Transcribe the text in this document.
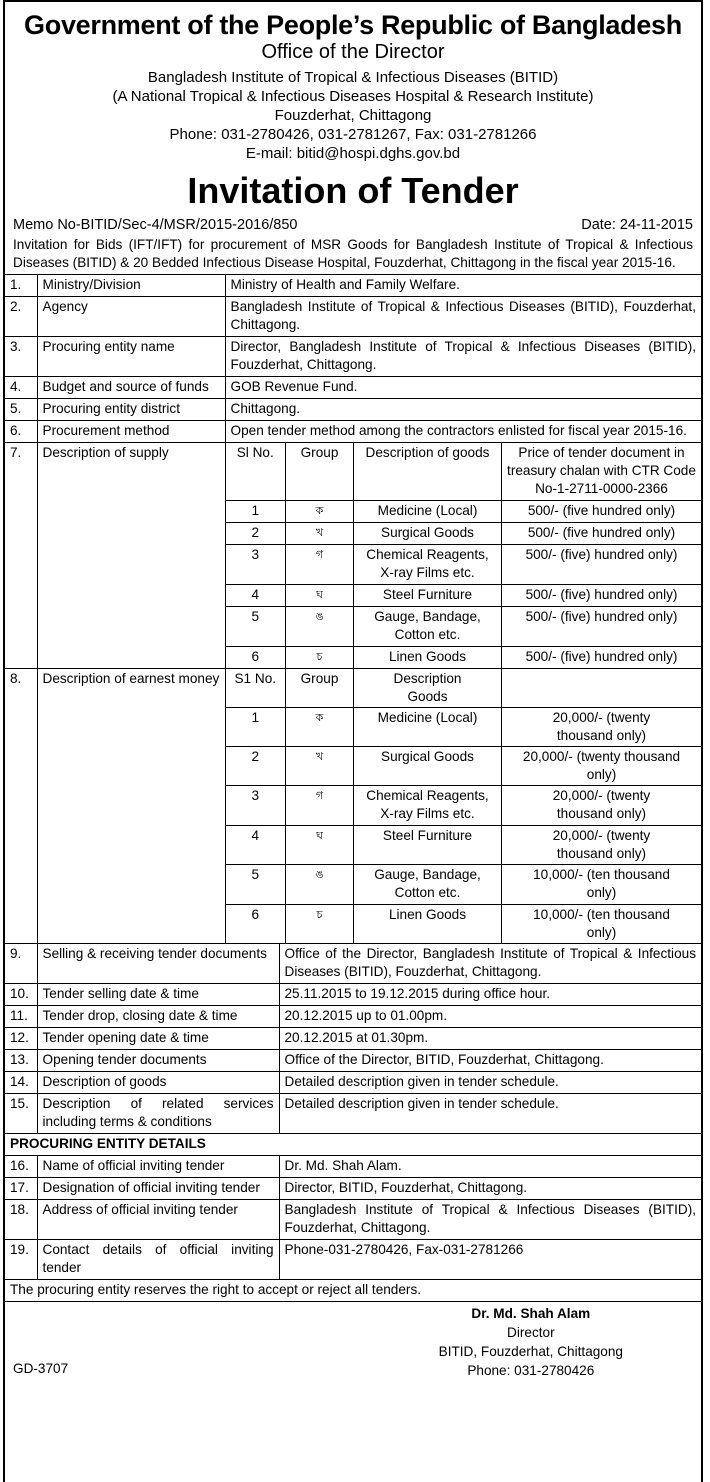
Government of the People’s Republic of Bangladesh
Office of the Director
Bangladesh Institute of Tropical & Infectious Diseases (BITID)
(A National Tropical & Infectious Diseases Hospital & Research Institute)
Fouzderhat, Chittagong
Phone: 031-2780426, 031-2781267, Fax: 031-2781266
E-mail: bitid@hospi.dghs.gov.bd
Invitation of Tender
Memo No-BITID/Sec-4/MSR/2015-2016/850	Date: 24-11-2015
Invitation for Bids (IFT/IFT) for procurement of MSR Goods for Bangladesh Institute of Tropical & Infectious Diseases (BITID) & 20 Bedded Infectious Disease Hospital, Fouzderhat, Chittagong in the fiscal year 2015-16.
1.	Ministry/Division	Ministry of Health and Family Welfare.
2.	Agency	Bangladesh Institute of Tropical & Infectious Diseases (BITID), Fouzderhat, Chittagong.
3.	Procuring entity name	Director, Bangladesh Institute of Tropical & Infectious Diseases (BITID), Fouzderhat, Chittagong.
4.	Budget and source of funds	GOB Revenue Fund.
5.	Procuring entity district	Chittagong.
6.	Procurement method	Open tender method among the contractors enlisted for fiscal year 2015-16.
7.	Description of supply		Sl No.	Group	Description of goods	Price of tender document in treasury chalan with CTR Code No-1-2711-0000-2366
1	ক	Medicine (Local)	500/- (five hundred only)
2	খ	Surgical Goods	500/- (five hundred only)
3	গ	Chemical Reagents, X-ray Films etc.	500/- (five) hundred only)
4	ঘ	Steel Furniture	500/- (five) hundred only)
5	ঙ	Gauge, Bandage, Cotton etc.	500/- (five) hundred only)
6	চ	Linen Goods	500/- (five) hundred only)

8.	Description of earnest money	S1 No.	Group	Description Goods	
1	ক	Medicine (Local)	20,000/- (twenty thousand only)
2	খ	Surgical Goods	20,000/- (twenty thousand only)
3	গ	Chemical Reagents, X-ray Films etc.	20,000/- (twenty thousand only)
4	ঘ	Steel Furniture	20,000/- (twenty thousand only)
5	ঙ	Gauge, Bandage, Cotton etc.	10,000/- (ten thousand only)
6	চ	Linen Goods	10,000/- (ten thousand only)
9.	Selling & receiving tender documents	Office of the Director, Bangladesh Institute of Tropical & Infectious Diseases (BITID), Fouzderhat, Chittagong.
10.	Tender selling date & time	25.11.2015 to 19.12.2015 during office hour.
11.	Tender drop, closing date & time	20.12.2015 up to 01.00pm.
12.	Tender opening date & time	20.12.2015 at 01.30pm.
13.	Opening tender documents	Office of the Director, BITID, Fouzderhat, Chittagong.
14.	Description of goods	Detailed description given in tender schedule.
15.	Description of related services including terms & conditions	Detailed description given in tender schedule.
PROCURING ENTITY DETAILS		
16.	Name of official inviting tender	Dr. Md. Shah Alam.
17.	Designation of official inviting tender	Director, BITID, Fouzderhat, Chittagong.
18.	Address of official inviting tender	Bangladesh Institute of Tropical & Infectious Diseases (BITID), Fouzderhat, Chittagong.
19.	Contact details of official inviting tender	Phone-031-2780426, Fax-031-2781266
The procuring entity reserves the right to accept or reject all tenders.		
Dr. Md. Shah Alam
Director
BITID, Fouzderhat, Chittagong
Phone: 031-2780426
GD-3707
